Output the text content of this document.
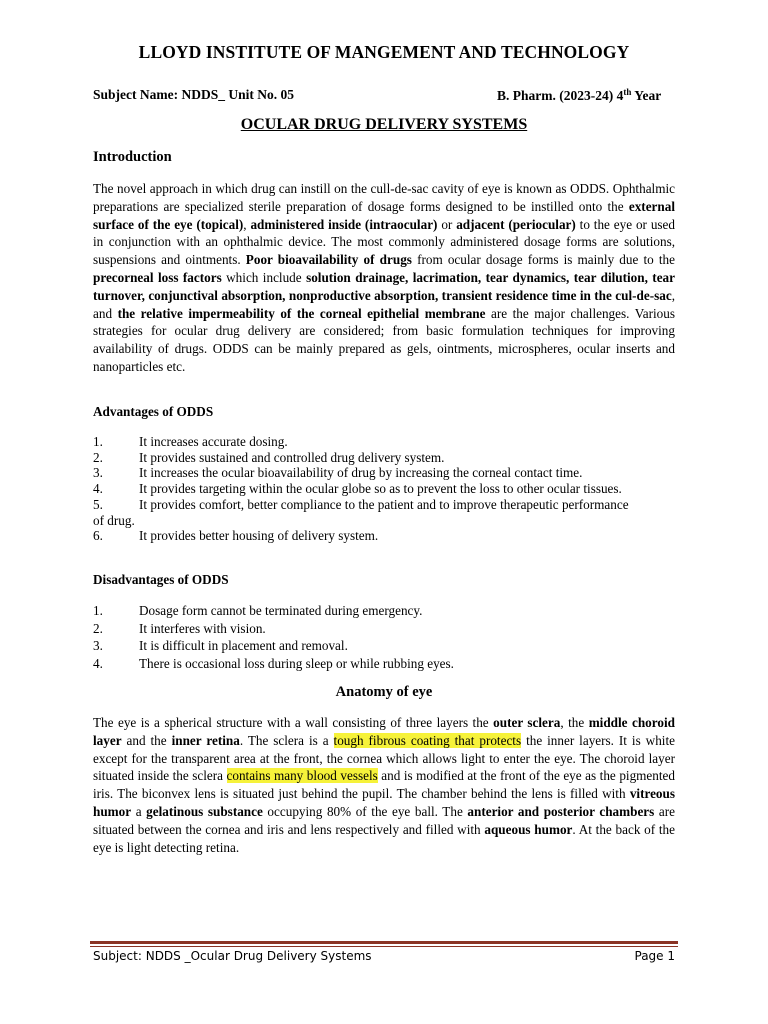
LLOYD INSTITUTE OF MANGEMENT AND TECHNOLOGY
Subject Name: NDDS_ Unit No. 05	B. Pharm. (2023-24) 4th Year
OCULAR DRUG DELIVERY SYSTEMS
Introduction
The novel approach in which drug can instill on the cull-de-sac cavity of eye is known as ODDS. Ophthalmic preparations are specialized sterile preparation of dosage forms designed to be instilled onto the external surface of the eye (topical), administered inside (intraocular) or adjacent (periocular) to the eye or used in conjunction with an ophthalmic device. The most commonly administered dosage forms are solutions, suspensions and ointments. Poor bioavailability of drugs from ocular dosage forms is mainly due to the precorneal loss factors which include solution drainage, lacrimation, tear dynamics, tear dilution, tear turnover, conjunctival absorption, nonproductive absorption, transient residence time in the cul-de-sac, and the relative impermeability of the corneal epithelial membrane are the major challenges. Various strategies for ocular drug delivery are considered; from basic formulation techniques for improving availability of drugs. ODDS can be mainly prepared as gels, ointments, microspheres, ocular inserts and nanoparticles etc.
Advantages of ODDS
1.	It increases accurate dosing.
2.	It provides sustained and controlled drug delivery system.
3.	It increases the ocular bioavailability of drug by increasing the corneal contact time.
4.	It provides targeting within the ocular globe so as to prevent the loss to other ocular tissues.
5.	It provides comfort, better compliance to the patient and to improve therapeutic performance
of drug.
6.	It provides better housing of delivery system.
Disadvantages of ODDS
1.	Dosage form cannot be terminated during emergency.
2.	It interferes with vision.
3.	It is difficult in placement and removal.
4.	There is occasional loss during sleep or while rubbing eyes.
Anatomy of eye
The eye is a spherical structure with a wall consisting of three layers the outer sclera, the middle choroid layer and the inner retina. The sclera is a tough fibrous coating that protects the inner layers. It is white except for the transparent area at the front, the cornea which allows light to enter the eye. The choroid layer situated inside the sclera contains many blood vessels and is modified at the front of the eye as the pigmented iris. The biconvex lens is situated just behind the pupil. The chamber behind the lens is filled with vitreous humor a gelatinous substance occupying 80% of the eye ball. The anterior and posterior chambers are situated between the cornea and iris and lens respectively and filled with aqueous humor. At the back of the eye is light detecting retina.
Subject: NDDS _Ocular Drug Delivery Systems	Page 1
